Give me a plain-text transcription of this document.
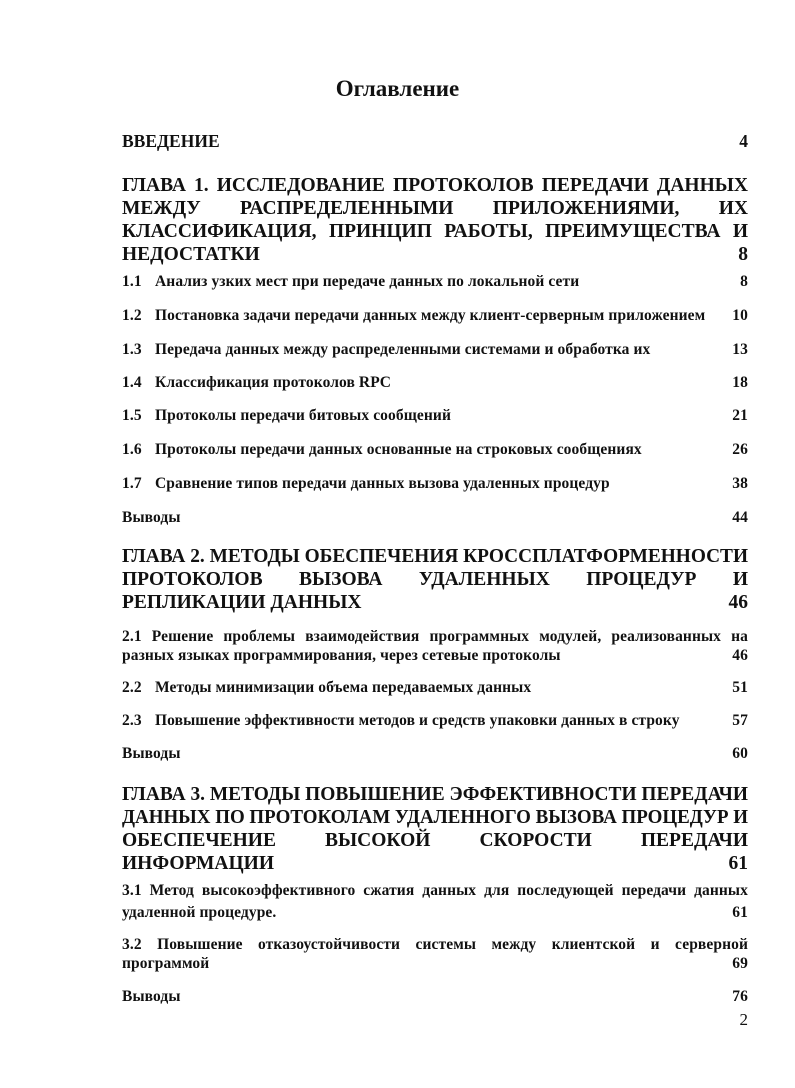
Оглавление
ВВЕДЕНИЕ	4
ГЛАВА 1. ИССЛЕДОВАНИЕ ПРОТОКОЛОВ ПЕРЕДАЧИ ДАННЫХ
МЕЖДУ РАСПРЕДЕЛЕННЫМИ ПРИЛОЖЕНИЯМИ, ИХ
КЛАССИФИКАЦИЯ, ПРИНЦИП РАБОТЫ, ПРЕИМУЩЕСТВА И
НЕДОСТАТКИ	8
1.1 Анализ узких мест при передаче данных по локальной сети	8
1.2 Постановка задачи передачи данных между клиент-серверным приложением 10
1.3 Передача данных между распределенными системами и обработка их	13
1.4 Классификация протоколов RPC	18
1.5 Протоколы передачи битовых сообщений	21
1.6 Протоколы передачи данных основанные на строковых сообщениях	26
1.7 Сравнение типов передачи данных вызова удаленных процедур	38
Выводы	44
ГЛАВА 2. МЕТОДЫ ОБЕСПЕЧЕНИЯ КРОССПЛАТФОРМЕННОСТИ
ПРОТОКОЛОВ ВЫЗОВА УДАЛЕННЫХ ПРОЦЕДУР И
РЕПЛИКАЦИИ ДАННЫХ	46
2.1 Решение проблемы взаимодействия программных модулей, реализованных на
разных языках программирования, через сетевые протоколы	46
2.2 Методы минимизации объема передаваемых данных	51
2.3 Повышение эффективности методов и средств упаковки данных в строку	57
Выводы	60
ГЛАВА 3. МЕТОДЫ ПОВЫШЕНИЕ ЭФФЕКТИВНОСТИ ПЕРЕДАЧИ
ДАННЫХ ПО ПРОТОКОЛАМ УДАЛЕННОГО ВЫЗОВА ПРОЦЕДУР И
ОБЕСПЕЧЕНИЕ ВЫСОКОЙ СКОРОСТИ ПЕРЕДАЧИ
ИНФОРМАЦИИ	61
3.1 Метод высокоэффективного сжатия данных для последующей передачи данных
удаленной процедуре.	61
3.2 Повышение отказоустойчивости системы между клиентской и серверной
программой	69
Выводы	76
2
